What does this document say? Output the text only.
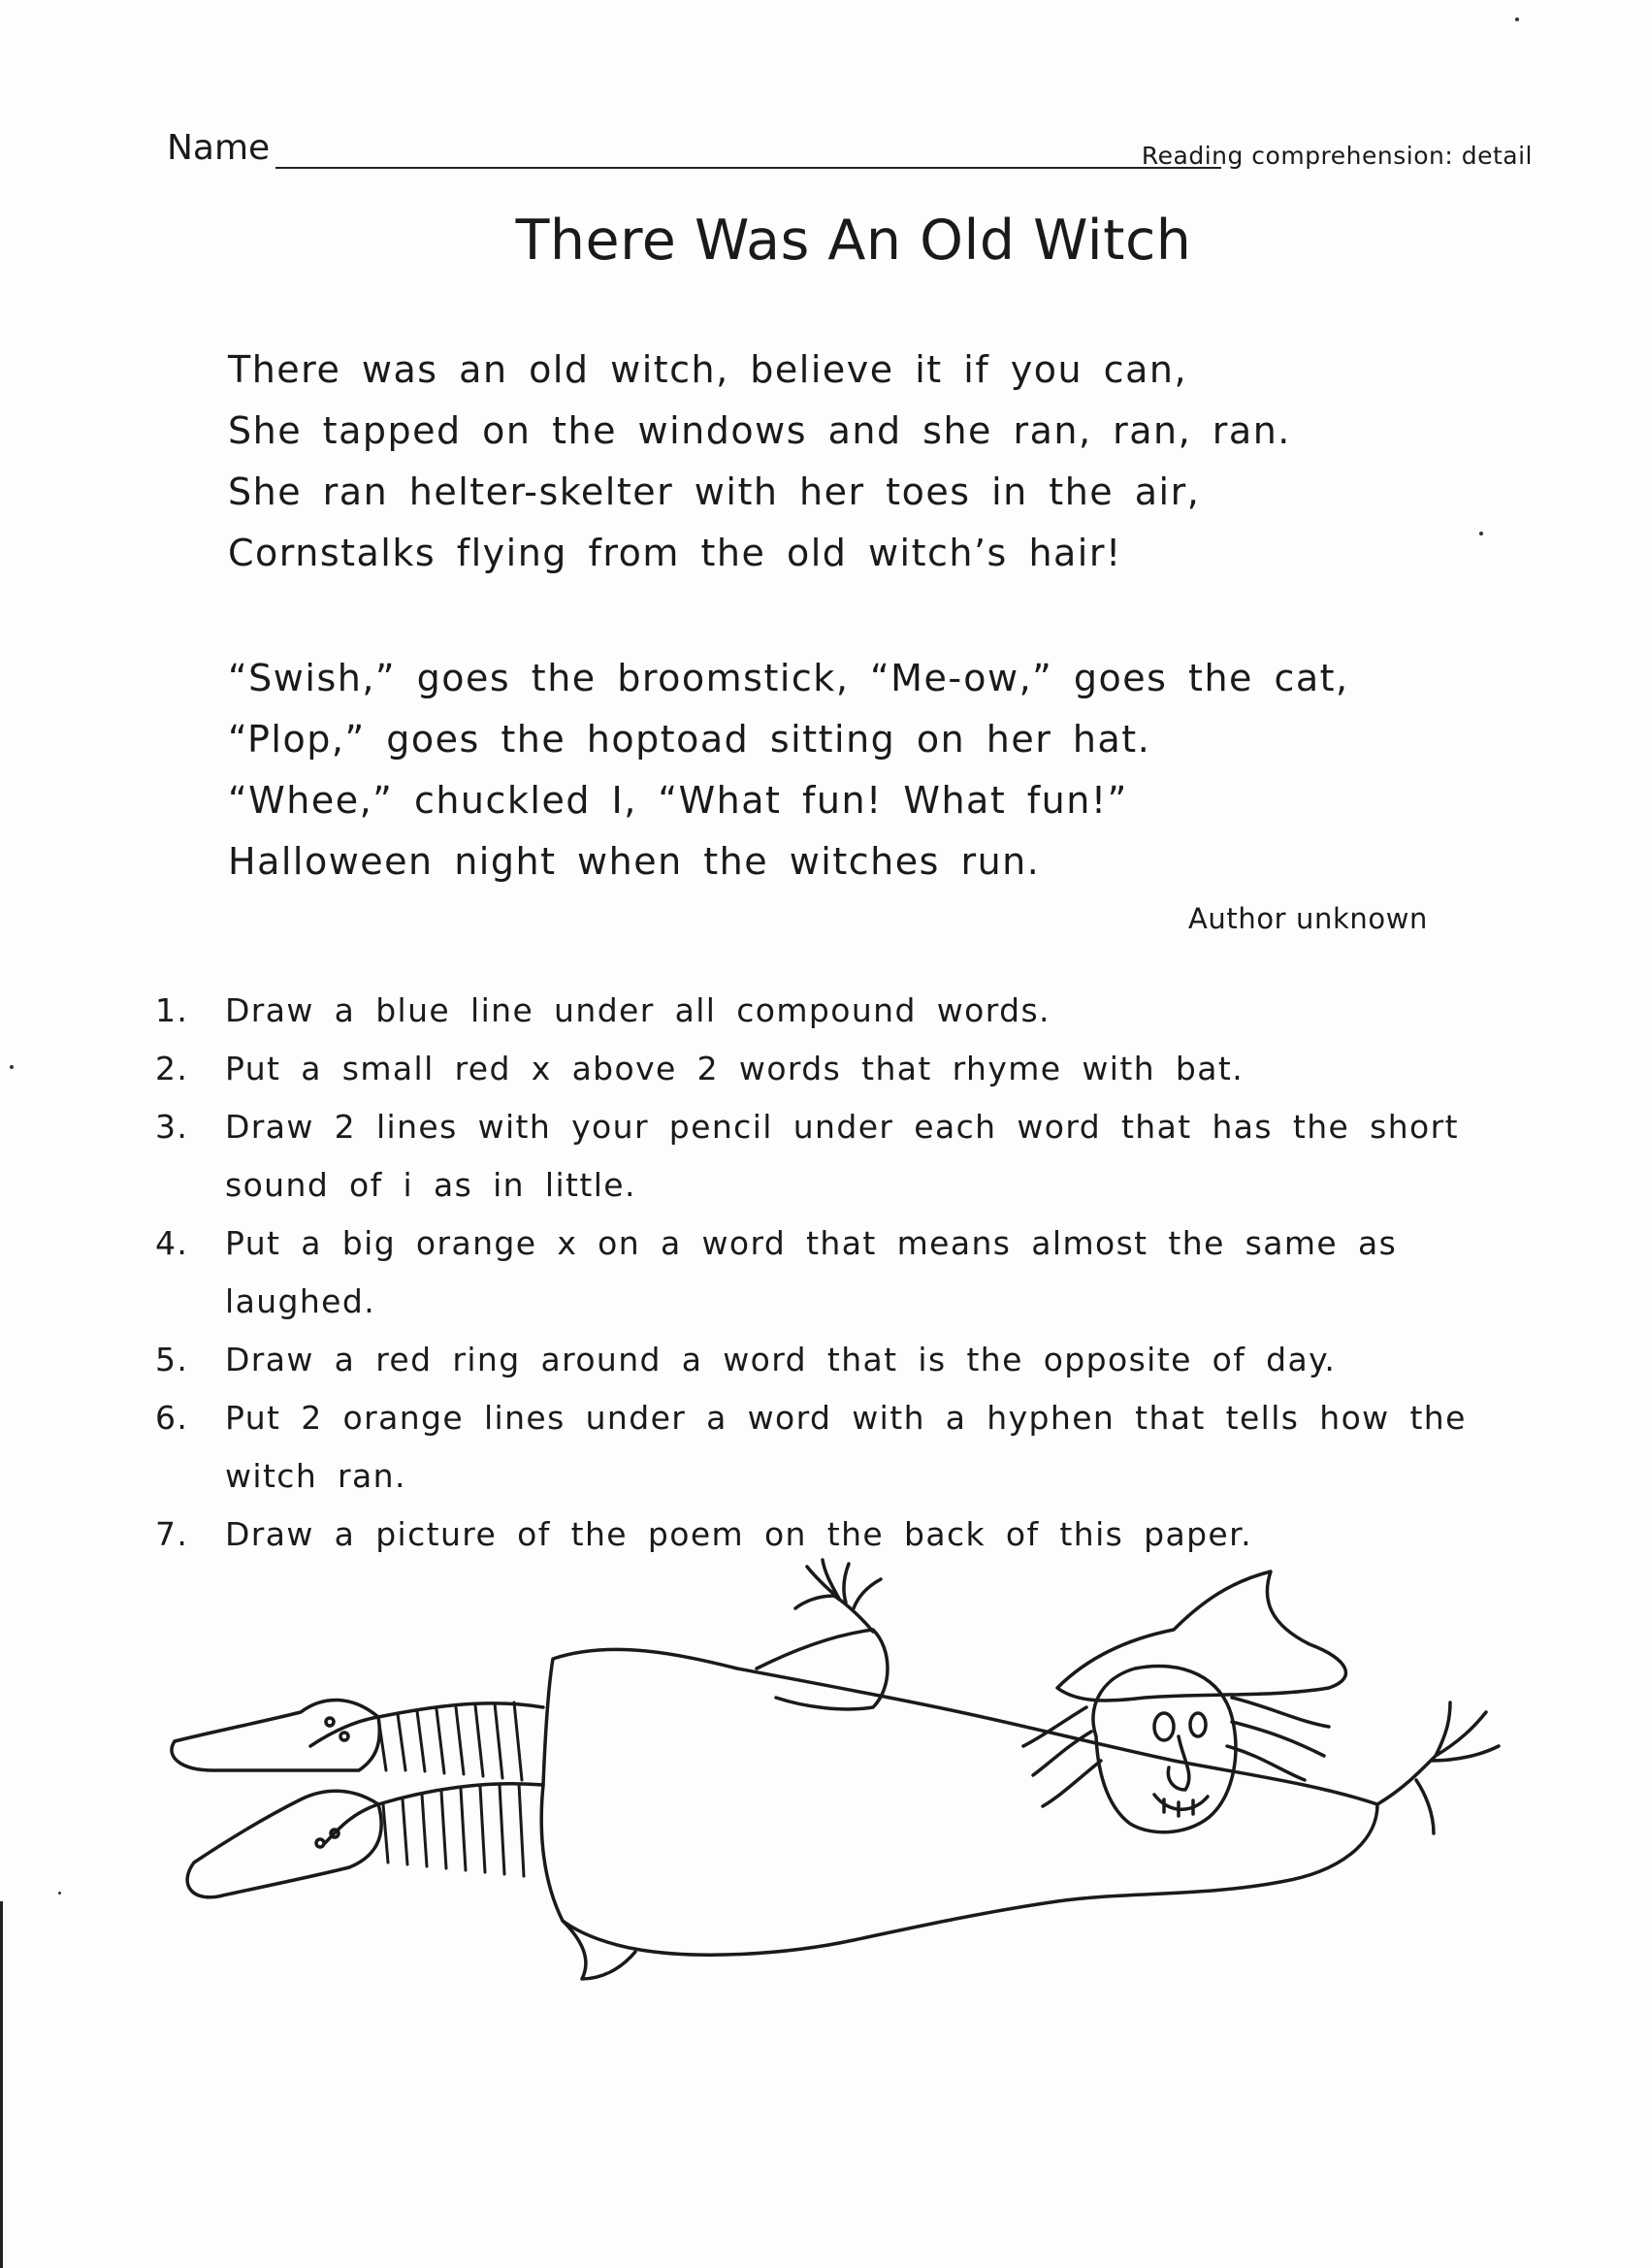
Name	Reading comprehension: detail
There Was An Old Witch
There was an old witch, believe it if you can,
She tapped on the windows and she ran, ran, ran.
She ran helter-skelter with her toes in the air,
Cornstalks flying from the old witch’s hair!
“Swish,” goes the broomstick, “Me-ow,” goes the cat,
“Plop,” goes the hoptoad sitting on her hat.
“Whee,” chuckled I, “What fun! What fun!”
Halloween night when the witches run.
Author unknown
1. Draw a blue line under all compound words.
2. Put a small red x above 2 words that rhyme with bat.
3. Draw 2 lines with your pencil under each word that has the short sound of i as in little.
4. Put a big orange x on a word that means almost the same as laughed.
5. Draw a red ring around a word that is the opposite of day.
6. Put 2 orange lines under a word with a hyphen that tells how the witch ran.
7. Draw a picture of the poem on the back of this paper.
